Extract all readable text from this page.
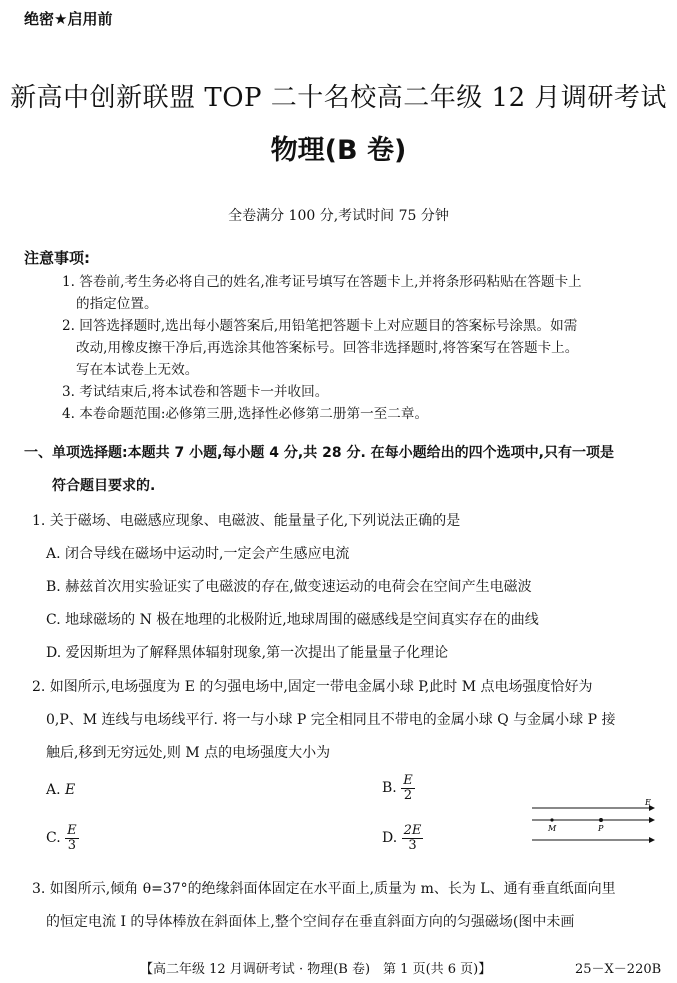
绝密★启用前
新高中创新联盟 TOP 二十名校高二年级 12 月调研考试
物理(B 卷)
全卷满分 100 分,考试时间 75 分钟
注意事项:
1. 答卷前,考生务必将自己的姓名,准考证号填写在答题卡上,并将条形码粘贴在答题卡上
的指定位置。
2. 回答选择题时,选出每小题答案后,用铅笔把答题卡上对应题目的答案标号涂黑。如需
改动,用橡皮擦干净后,再选涂其他答案标号。回答非选择题时,将答案写在答题卡上。
写在本试卷上无效。
3. 考试结束后,将本试卷和答题卡一并收回。
4. 本卷命题范围:必修第三册,选择性必修第二册第一至二章。
一、单项选择题:本题共 7 小题,每小题 4 分,共 28 分. 在每小题给出的四个选项中,只有一项是
符合题目要求的.
1. 关于磁场、电磁感应现象、电磁波、能量量子化,下列说法正确的是
A. 闭合导线在磁场中运动时,一定会产生感应电流
B. 赫兹首次用实验证实了电磁波的存在,做变速运动的电荷会在空间产生电磁波
C. 地球磁场的 N 极在地理的北极附近,地球周围的磁感线是空间真实存在的曲线
D. 爱因斯坦为了解释黑体辐射现象,第一次提出了能量量子化理论
2. 如图所示,电场强度为 E 的匀强电场中,固定一带电金属小球 P,此时 M 点电场强度恰好为
0,P、M 连线与电场线平行. 将一与小球 P 完全相同且不带电的金属小球 Q 与金属小球 P 接
触后,移到无穷远处,则 M 点的电场强度大小为
A. E	B. $\frac{E}{2}$
C. $\frac{E}{3}$	D. $\frac{2E}{3}$
E
M	P
3. 如图所示,倾角 θ=37°的绝缘斜面体固定在水平面上,质量为 m、长为 L、通有垂直纸面向里
的恒定电流 I 的导体棒放在斜面体上,整个空间存在垂直斜面方向的匀强磁场(图中未画
【高二年级 12 月调研考试 · 物理(B 卷)　第 1 页(共 6 页)】	25－X－220B
